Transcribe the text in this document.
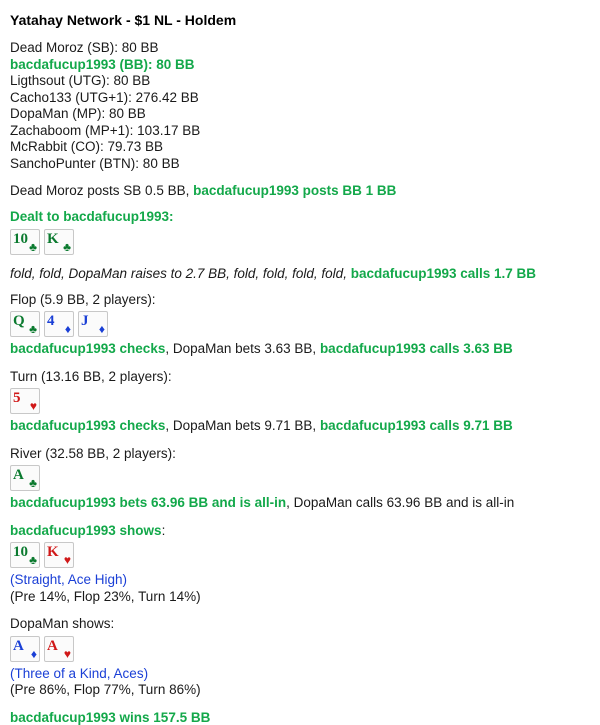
Yatahay Network - $1 NL - Holdem
Dead Moroz (SB): 80 BB
bacdafucup1993 (BB): 80 BB
Ligthsout (UTG): 80 BB
Cacho133 (UTG+1): 276.42 BB
DopaMan (MP): 80 BB
Zachaboom (MP+1): 103.17 BB
McRabbit (CO): 79.73 BB
SanchoPunter (BTN): 80 BB
Dead Moroz posts SB 0.5 BB, bacdafucup1993 posts BB 1 BB
Dealt to bacdafucup1993:
10 ♣ K ♣
fold, fold, DopaMan raises to 2.7 BB, fold, fold, fold, fold, bacdafucup1993 calls 1.7 BB
Flop (5.9 BB, 2 players):
Q ♣ 4 ♦ J ♦
bacdafucup1993 checks, DopaMan bets 3.63 BB, bacdafucup1993 calls 3.63 BB
Turn (13.16 BB, 2 players):
5 ♥
bacdafucup1993 checks, DopaMan bets 9.71 BB, bacdafucup1993 calls 9.71 BB
River (32.58 BB, 2 players):
A ♣
bacdafucup1993 bets 63.96 BB and is all-in, DopaMan calls 63.96 BB and is all-in
bacdafucup1993 shows:
10 ♣ K ♥
(Straight, Ace High)
(Pre 14%, Flop 23%, Turn 14%)
DopaMan shows:
A ♦ A ♥
(Three of a Kind, Aces)
(Pre 86%, Flop 77%, Turn 86%)
bacdafucup1993 wins 157.5 BB
